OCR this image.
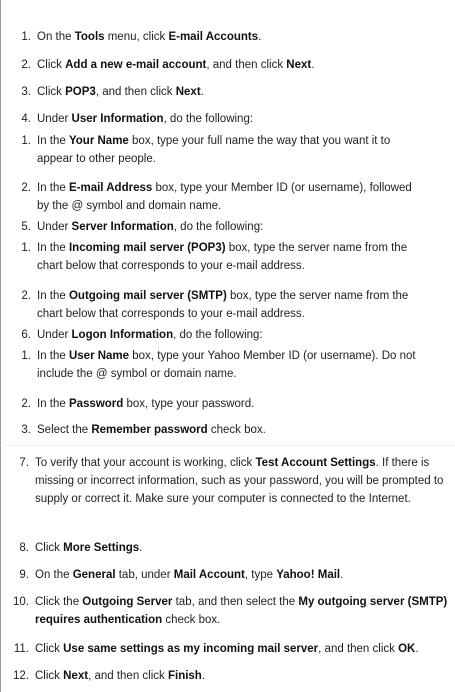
1. On the Tools menu, click E-mail Accounts.
2. Click Add a new e-mail account, and then click Next.
3. Click POP3, and then click Next.
4. Under User Information, do the following:
1. In the Your Name box, type your full name the way that you want it to appear to other people.
2. In the E-mail Address box, type your Member ID (or username), followed by the @ symbol and domain name.
5. Under Server Information, do the following:
1. In the Incoming mail server (POP3) box, type the server name from the chart below that corresponds to your e-mail address.
2. In the Outgoing mail server (SMTP) box, type the server name from the chart below that corresponds to your e-mail address.
6. Under Logon Information, do the following:
1. In the User Name box, type your Yahoo Member ID (or username). Do not include the @ symbol or domain name.
2. In the Password box, type your password.
3. Select the Remember password check box.
7. To verify that your account is working, click Test Account Settings. If there is missing or incorrect information, such as your password, you will be prompted to supply or correct it. Make sure your computer is connected to the Internet.
8. Click More Settings.
9. On the General tab, under Mail Account, type Yahoo! Mail.
10. Click the Outgoing Server tab, and then select the My outgoing server (SMTP) requires authentication check box.
11. Click Use same settings as my incoming mail server, and then click OK.
12. Click Next, and then click Finish.
